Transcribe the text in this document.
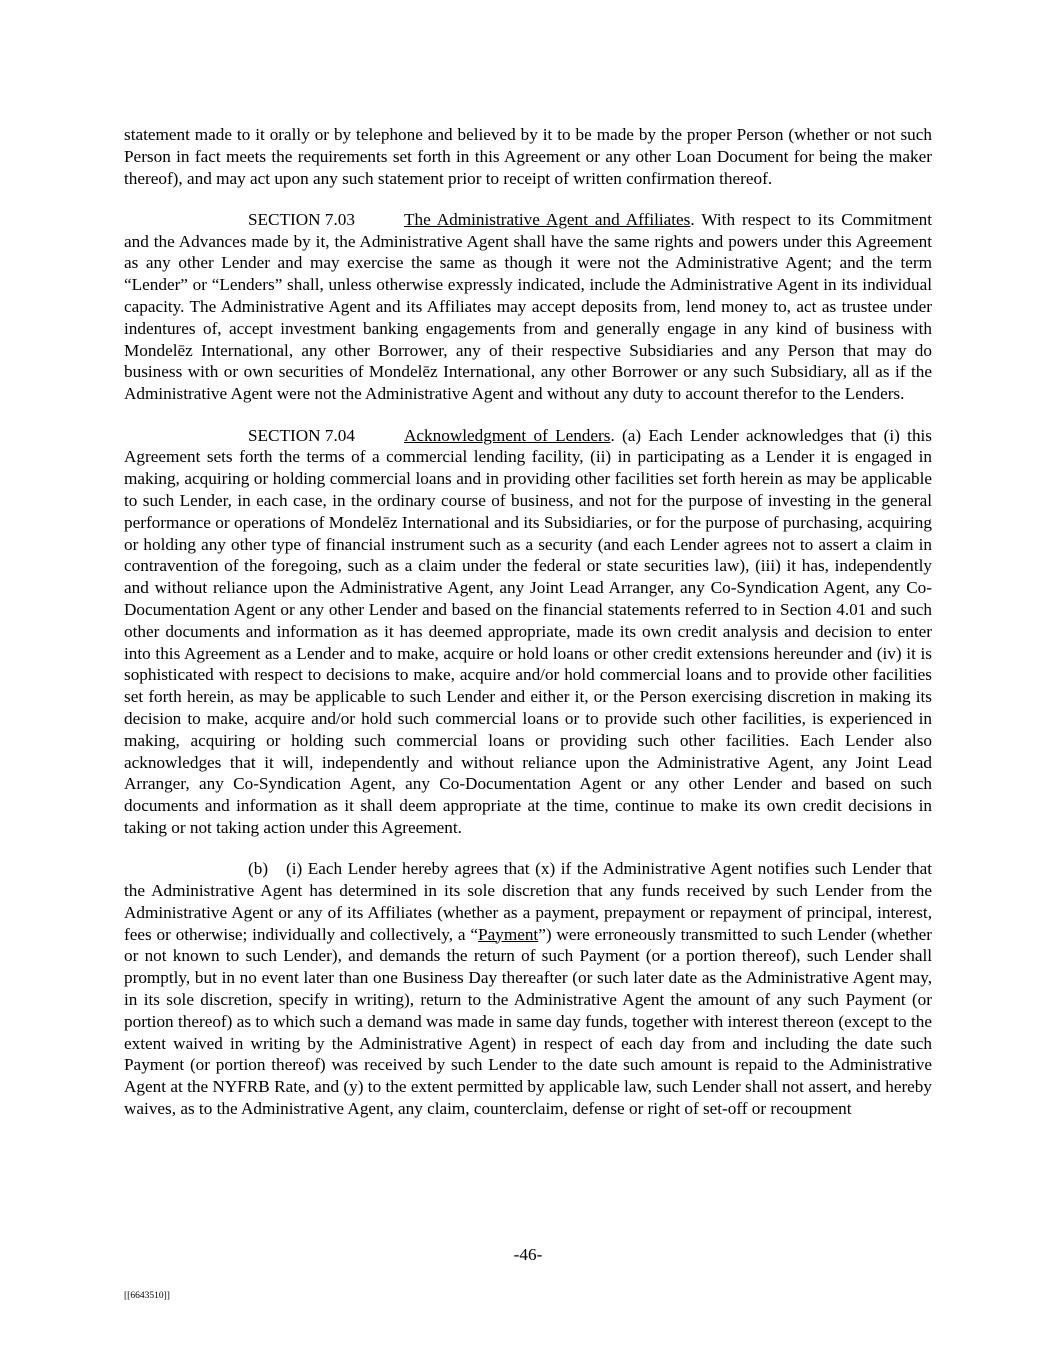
statement made to it orally or by telephone and believed by it to be made by the proper Person (whether or not such Person in fact meets the requirements set forth in this Agreement or any other Loan Document for being the maker thereof), and may act upon any such statement prior to receipt of written confirmation thereof.

SECTION 7.03	The Administrative Agent and Affiliates. With respect to its Commitment and the Advances made by it, the Administrative Agent shall have the same rights and powers under this Agreement as any other Lender and may exercise the same as though it were not the Administrative Agent; and the term “Lender” or “Lenders” shall, unless otherwise expressly indicated, include the Administrative Agent in its individual capacity. The Administrative Agent and its Affiliates may accept deposits from, lend money to, act as trustee under indentures of, accept investment banking engagements from and generally engage in any kind of business with Mondelēz International, any other Borrower, any of their respective Subsidiaries and any Person that may do business with or own securities of Mondelēz International, any other Borrower or any such Subsidiary, all as if the Administrative Agent were not the Administrative Agent and without any duty to account therefor to the Lenders.

SECTION 7.04	Acknowledgment of Lenders. (a) Each Lender acknowledges that (i) this Agreement sets forth the terms of a commercial lending facility, (ii) in participating as a Lender it is engaged in making, acquiring or holding commercial loans and in providing other facilities set forth herein as may be applicable to such Lender, in each case, in the ordinary course of business, and not for the purpose of investing in the general performance or operations of Mondelēz International and its Subsidiaries, or for the purpose of purchasing, acquiring or holding any other type of financial instrument such as a security (and each Lender agrees not to assert a claim in contravention of the foregoing, such as a claim under the federal or state securities law), (iii) it has, independently and without reliance upon the Administrative Agent, any Joint Lead Arranger, any Co-Syndication Agent, any Co-Documentation Agent or any other Lender and based on the financial statements referred to in Section 4.01 and such other documents and information as it has deemed appropriate, made its own credit analysis and decision to enter into this Agreement as a Lender and to make, acquire or hold loans or other credit extensions hereunder and (iv) it is sophisticated with respect to decisions to make, acquire and/or hold commercial loans and to provide other facilities set forth herein, as may be applicable to such Lender and either it, or the Person exercising discretion in making its decision to make, acquire and/or hold such commercial loans or to provide such other facilities, is experienced in making, acquiring or holding such commercial loans or providing such other facilities. Each Lender also acknowledges that it will, independently and without reliance upon the Administrative Agent, any Joint Lead Arranger, any Co-Syndication Agent, any Co-Documentation Agent or any other Lender and based on such documents and information as it shall deem appropriate at the time, continue to make its own credit decisions in taking or not taking action under this Agreement.

(b) (i) Each Lender hereby agrees that (x) if the Administrative Agent notifies such Lender that the Administrative Agent has determined in its sole discretion that any funds received by such Lender from the Administrative Agent or any of its Affiliates (whether as a payment, prepayment or repayment of principal, interest, fees or otherwise; individually and collectively, a “Payment”) were erroneously transmitted to such Lender (whether or not known to such Lender), and demands the return of such Payment (or a portion thereof), such Lender shall promptly, but in no event later than one Business Day thereafter (or such later date as the Administrative Agent may, in its sole discretion, specify in writing), return to the Administrative Agent the amount of any such Payment (or portion thereof) as to which such a demand was made in same day funds, together with interest thereon (except to the extent waived in writing by the Administrative Agent) in respect of each day from and including the date such Payment (or portion thereof) was received by such Lender to the date such amount is repaid to the Administrative Agent at the NYFRB Rate, and (y) to the extent permitted by applicable law, such Lender shall not assert, and hereby waives, as to the Administrative Agent, any claim, counterclaim, defense or right of set-off or recoupment

-46-
[[6643510]]
